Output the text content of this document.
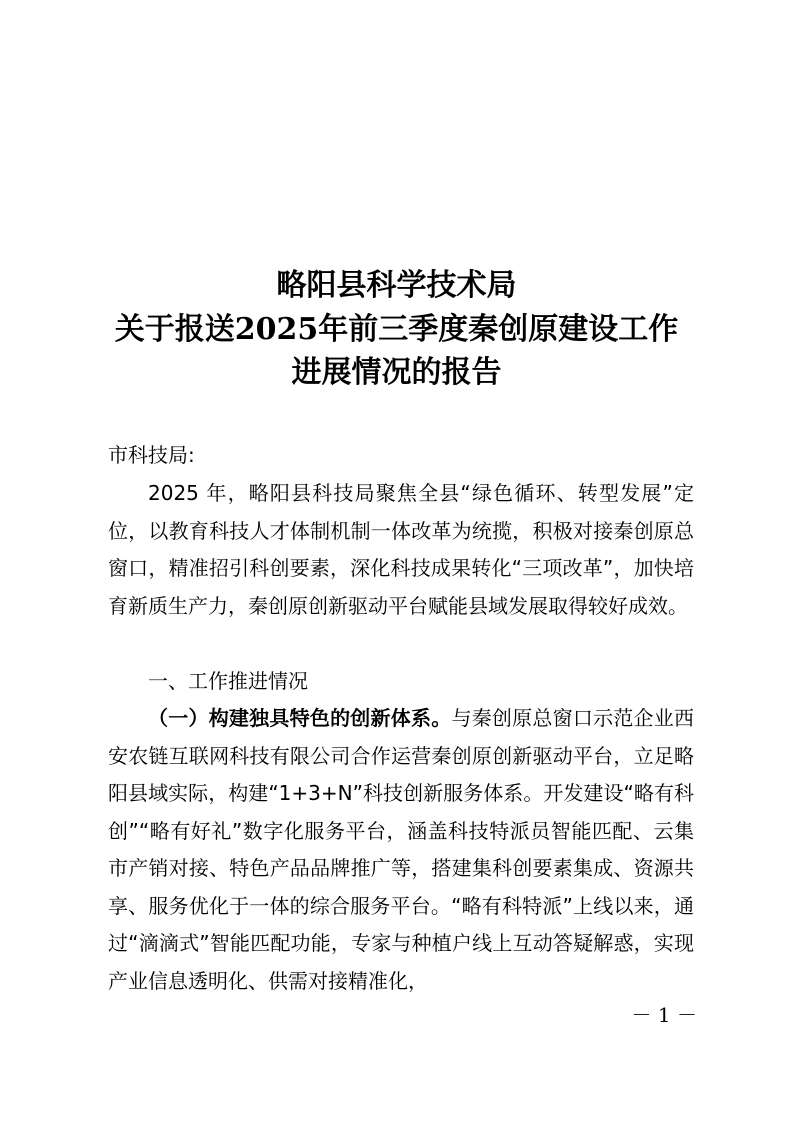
略阳县科学技术局
关于报送2025年前三季度秦创原建设工作
进展情况的报告
市科技局:

2025 年，略阳县科技局聚焦全县“绿色循环、转型发展”定位，以教育科技人才体制机制一体改革为统揽，积极对接秦创原总窗口，精准招引科创要素，深化科技成果转化“三项改革”，加快培育新质生产力，秦创原创新驱动平台赋能县域发展取得较好成效。

一、工作推进情况

（一）构建独具特色的创新体系。与秦创原总窗口示范企业西安农链互联网科技有限公司合作运营秦创原创新驱动平台，立足略阳县域实际，构建“1+3+N”科技创新服务体系。开发建设“略有科创”“略有好礼”数字化服务平台，涵盖科技特派员智能匹配、云集市产销对接、特色产品品牌推广等，搭建集科创要素集成、资源共享、服务优化于一体的综合服务平台。“略有科特派”上线以来，通过“滴滴式”智能匹配功能，专家与种植户线上互动答疑解惑，实现产业信息透明化、供需对接精准化，

－ 1 －
